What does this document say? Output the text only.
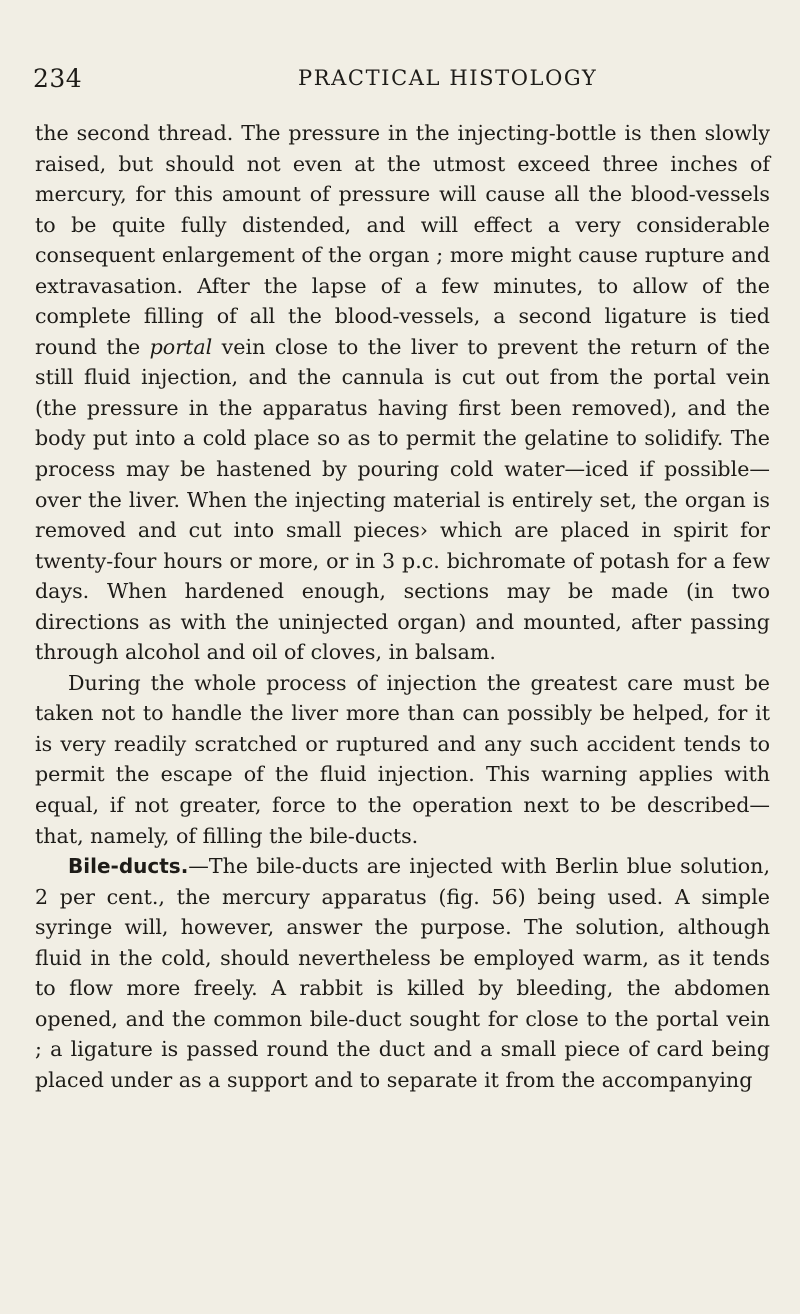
234	PRACTICAL HISTOLOGY

the second thread. The pressure in the injecting-bottle is then slowly raised, but should not even at the utmost exceed three inches of mercury, for this amount of pressure will cause all the blood-vessels to be quite fully distended, and will effect a very considerable consequent enlargement of the organ ; more might cause rupture and extravasation. After the lapse of a few minutes, to allow of the complete filling of all the blood-vessels, a second ligature is tied round the portal vein close to the liver to prevent the return of the still fluid injection, and the cannula is cut out from the portal vein (the pressure in the apparatus having first been removed), and the body put into a cold place so as to permit the gelatine to solidify. The process may be hastened by pouring cold water—iced if possible—over the liver. When the injecting material is entirely set, the organ is removed and cut into small pieces› which are placed in spirit for twenty-four hours or more, or in 3 p.c. bichromate of potash for a few days. When hardened enough, sections may be made (in two directions as with the uninjected organ) and mounted, after passing through alcohol and oil of cloves, in balsam.

During the whole process of injection the greatest care must be taken not to handle the liver more than can possibly be helped, for it is very readily scratched or ruptured and any such accident tends to permit the escape of the fluid injection. This warning applies with equal, if not greater, force to the operation next to be described—that, namely, of filling the bile-ducts.

Bile-ducts.—The bile-ducts are injected with Berlin blue solution, 2 per cent., the mercury apparatus (fig. 56) being used. A simple syringe will, however, answer the purpose. The solution, although fluid in the cold, should nevertheless be employed warm, as it tends to flow more freely. A rabbit is killed by bleeding, the abdomen opened, and the common bile-duct sought for close to the portal vein ; a ligature is passed round the duct and a small piece of card being placed under as a support and to separate it from the accompanying
